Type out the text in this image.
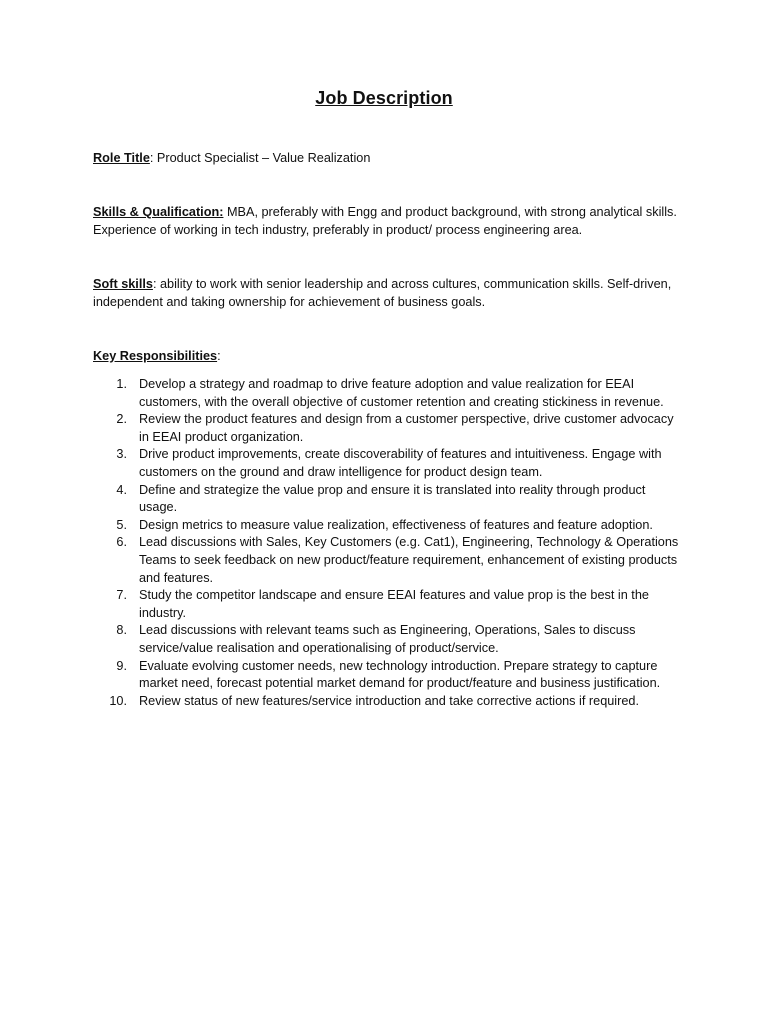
Job Description
Role Title: Product Specialist – Value Realization
Skills & Qualification: MBA, preferably with Engg and product background, with strong analytical skills. Experience of working in tech industry, preferably in product/ process engineering area.
Soft skills: ability to work with senior leadership and across cultures, communication skills. Self-driven, independent and taking ownership for achievement of business goals.
Key Responsibilities:
1. Develop a strategy and roadmap to drive feature adoption and value realization for EEAI customers, with the overall objective of customer retention and creating stickiness in revenue.
2. Review the product features and design from a customer perspective, drive customer advocacy in EEAI product organization.
3. Drive product improvements, create discoverability of features and intuitiveness. Engage with customers on the ground and draw intelligence for product design team.
4. Define and strategize the value prop and ensure it is translated into reality through product usage.
5. Design metrics to measure value realization, effectiveness of features and feature adoption.
6. Lead discussions with Sales, Key Customers (e.g. Cat1), Engineering, Technology & Operations Teams to seek feedback on new product/feature requirement, enhancement of existing products and features.
7. Study the competitor landscape and ensure EEAI features and value prop is the best in the industry.
8. Lead discussions with relevant teams such as Engineering, Operations, Sales to discuss service/value realisation and operationalising of product/service.
9. Evaluate evolving customer needs, new technology introduction. Prepare strategy to capture market need, forecast potential market demand for product/feature and business justification.
10. Review status of new features/service introduction and take corrective actions if required.
